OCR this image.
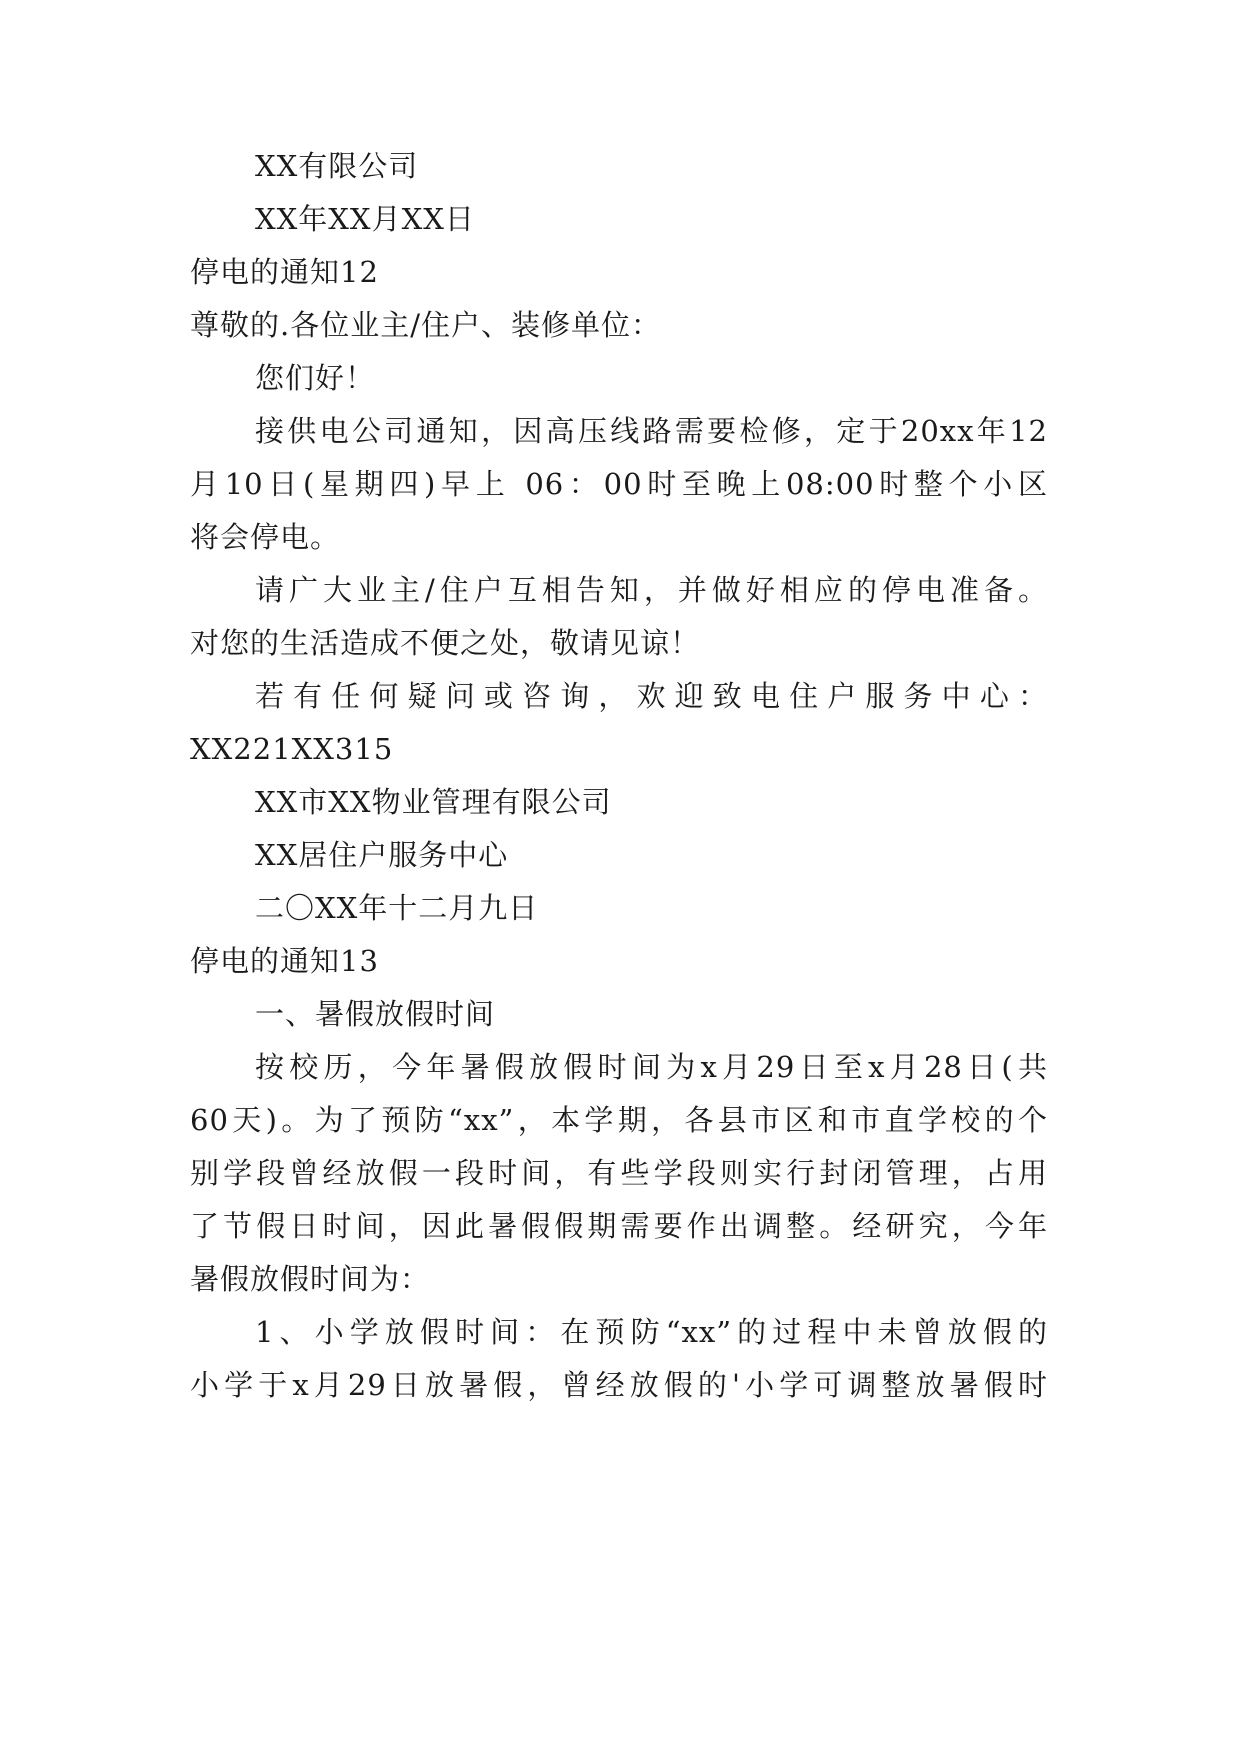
XX有限公司
XX年XX月XX日
停电的通知12
尊敬的.各位业主/住户、装修单位：
您们好！
接供电公司通知，因高压线路需要检修，定于20xx年12
月10日(星期四)早上 06：00时至晚上08:00时整个小区
将会停电。
请广大业主/住户互相告知，并做好相应的停电准备。
对您的生活造成不便之处，敬请见谅！
若有任何疑问或咨询，欢迎致电住户服务中心：
XX221XX315
XX市XX物业管理有限公司
XX居住户服务中心
二〇XX年十二月九日
停电的通知13
一、暑假放假时间
按校历，今年暑假放假时间为x月29日至x月28日(共
60天)。为了预防“xx”，本学期，各县市区和市直学校的个
别学段曾经放假一段时间，有些学段则实行封闭管理，占用
了节假日时间，因此暑假假期需要作出调整。经研究，今年
暑假放假时间为：
1、小学放假时间：在预防“xx”的过程中未曾放假的
小学于x月29日放暑假，曾经放假的'小学可调整放暑假时
